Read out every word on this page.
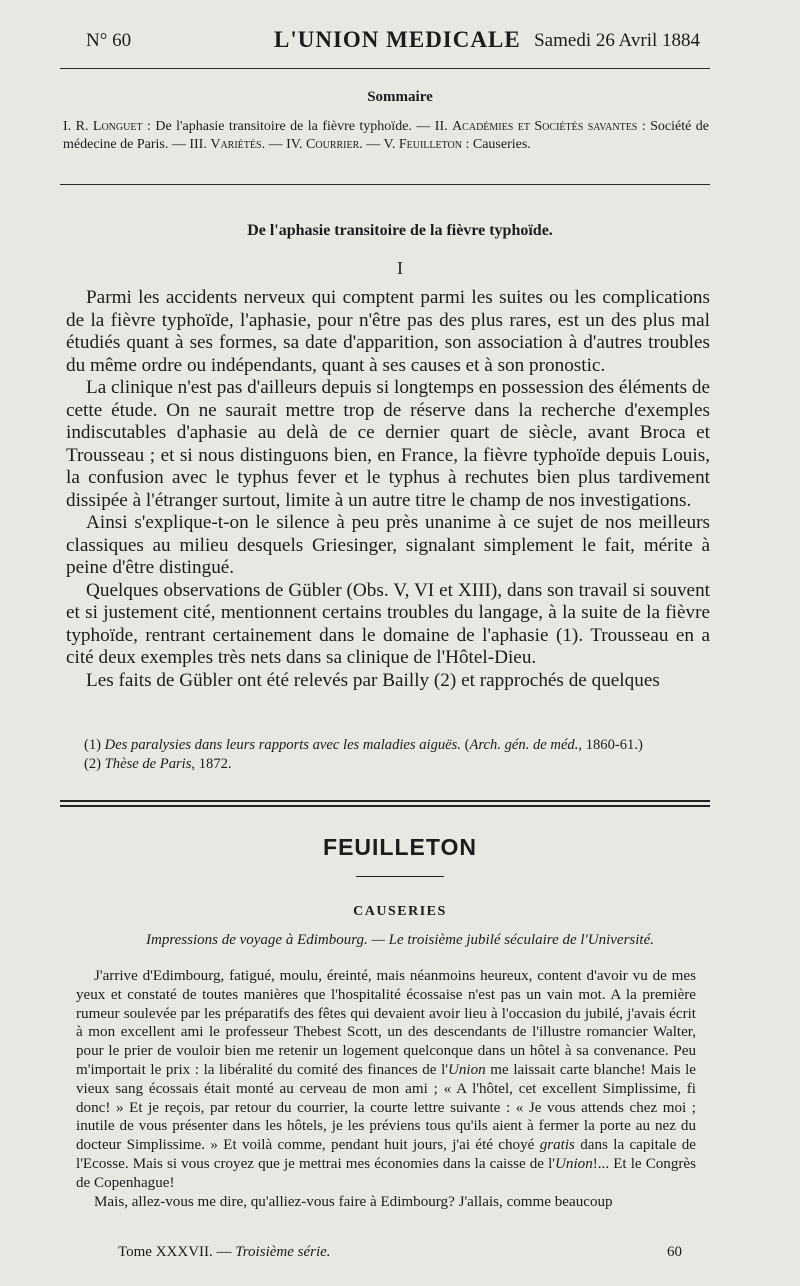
N° 60	L'UNION MEDICALE Samedi 26 Avril 1884
Sommaire
I. R. Longuet : De l'aphasie transitoire de la fièvre typhoïde. — II. Académies et Sociétés savantes : Société de médecine de Paris. — III. Variétés. — IV. Courrier. — V. Feuilleton : Causeries.
De l'aphasie transitoire de la fièvre typhoïde.
I

Parmi les accidents nerveux qui comptent parmi les suites ou les complications de la fièvre typhoïde, l'aphasie, pour n'être pas des plus rares, est un des plus mal étudiés quant à ses formes, sa date d'apparition, son association à d'autres troubles du même ordre ou indépendants, quant à ses causes et à son pronostic.

La clinique n'est pas d'ailleurs depuis si longtemps en possession des éléments de cette étude. On ne saurait mettre trop de réserve dans la recherche d'exemples indiscutables d'aphasie au delà de ce dernier quart de siècle, avant Broca et Trousseau ; et si nous distinguons bien, en France, la fièvre typhoïde depuis Louis, la confusion avec le typhus fever et le typhus à rechutes bien plus tardivement dissipée à l'étranger surtout, limite à un autre titre le champ de nos investigations.

Ainsi s'explique-t-on le silence à peu près unanime à ce sujet de nos meilleurs classiques au milieu desquels Griesinger, signalant simplement le fait, mérite à peine d'être distingué.

Quelques observations de Gübler (Obs. V, VI et XIII), dans son travail si souvent et si justement cité, mentionnent certains troubles du langage, à la suite de la fièvre typhoïde, rentrant certainement dans le domaine de l'aphasie (1). Trousseau en a cité deux exemples très nets dans sa clinique de l'Hôtel-Dieu.

Les faits de Gübler ont été relevés par Bailly (2) et rapprochés de quelques

(1) Des paralysies dans leurs rapports avec les maladies aiguës. (Arch. gén. de méd., 1860-61.)

(2) Thèse de Paris, 1872.

FEUILLETON
CAUSERIES
Impressions de voyage à Edimbourg. — Le troisième jubilé séculaire de l'Université.

J'arrive d'Edimbourg, fatigué, moulu, éreinté, mais néanmoins heureux, content d'avoir vu de mes yeux et constaté de toutes manières que l'hospitalité écossaise n'est pas un vain mot. A la première rumeur soulevée par les préparatifs des fêtes qui devaient avoir lieu à l'occasion du jubilé, j'avais écrit à mon excellent ami le professeur Thebest Scott, un des descendants de l'illustre romancier Walter, pour le prier de vouloir bien me retenir un logement quelconque dans un hôtel à sa convenance. Peu m'importait le prix : la libéralité du comité des finances de l'Union me laissait carte blanche! Mais le vieux sang écossais était monté au cerveau de mon ami ; « A l'hôtel, cet excellent Simplissime, fi donc! » Et je reçois, par retour du courrier, la courte lettre suivante : « Je vous attends chez moi ; inutile de vous présenter dans les hôtels, je les préviens tous qu'ils aient à fermer la porte au nez du docteur Simplissime. » Et voilà comme, pendant huit jours, j'ai été choyé gratis dans la capitale de l'Ecosse. Mais si vous croyez que je mettrai mes économies dans la caisse de l'Union!... Et le Congrès de Copenhague!

Mais, allez-vous me dire, qu'alliez-vous faire à Edimbourg? J'allais, comme beaucoup

Tome XXXVII. — Troisième série.	60
